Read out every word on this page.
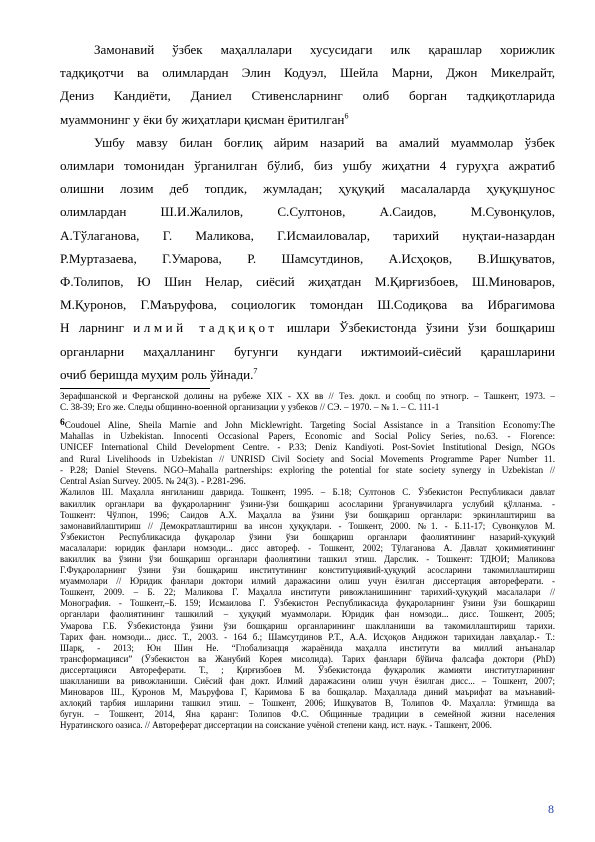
Замонавий ўзбек маҳаллалари хусусидаги илк қарашлар хорижлик
тадқиқотчи ва олимлардан Элин Кодуэл, Шейла Марни, Джон Микелрайт,
Дениз Кандиёти, Даниел Стивенсларнинг олиб борган тадқиқотларида
муаммонинг у ёки бу жиҳатлари қисман ёритилган$^6$

Ушбу мавзу билан боғлиқ айрим назарий ва амалий муаммолар ўзбек
олимлари томонидан ўрганилган бўлиб, биз ушбу жиҳатни 4 гуруҳга ажратиб
олишни лозим деб топдик, жумладан; ҳуқуқий масалаларда ҳуқуқшунос
олимлардан Ш.И.Жалилов, С.Султонов, А.Саидов, М.Сувонқулов,
А.Тўлаганова, Г. Маликова, Г.Исмаиловалар, тарихий нуқтаи-назардан
Р.Муртазаева, Г.Умарова, Р. Шамсутдинов, А.Исҳоқов, В.Ишқуватов,
Ф.Толипов, Ю Шин Нелар, сиёсий жиҳатдан М.Қирғизбоев, Ш.Миноваров,
М.Қуронов, Г.Маъруфова, социологик томондан Ш.Содиқова ва Ибрагимова
Н ларнинг илмий тадқиқот ишлари Ўзбекистонда ўзини ўзи бошқариш
органларни маҳалланинг бугунги кундаги ижтимоий-сиёсий қарашларини
очиб беришда муҳим роль ўйнади.$^7$

Зерафшанской и Ферганской долины на рубеже XIX - XX вв // Тез. докл. и сообщ по этногр. – Ташкент, 1973. –
С. 38-39; Его же. Следы общинно-военной организации у узбеков // СЭ. – 1970. – № 1. – С. 111-1

6Coudouel Aline, Sheila Marnie and John Micklewright. Targeting Social Assistance in a Transition Economy:The
Mahallas in Uzbekistan. Innocenti Occasional Papers, Economic and Social Policy Series, no.63. - Florence:
UNICEF International Child Development Centre. - P.33; Deniz Kandiyoti. Post-Soviet Institutional Design, NGOs
and Rural Livelihoods in Uzbekistan // UNRISD Civil Society and Social Movements Programme Paper Number 11.
- P.28; Daniel Stevens. NGO–Mahalla partnerships: exploring the potential for state society synergy in Uzbekistan //
Central Asian Survey. 2005. № 24(3). - P.281-296.

Жалилов Ш. Маҳалла янгиланиш даврида. Тошкент, 1995. – Б.18; Султонов С. Ўзбекистон Республикаси давлат
вакиллик органлари ва фуқароларнинг ўзини-ўзи бошқариш асосларини ўрганувчиларга услубий қўлланма. -
Тошкент: Чўлпон, 1996; Саидов А.Х. Маҳалла ва ўзини ўзи бошқариш органлари: эркинлаштириш ва
замонавийлаштириш // Демократлаштириш ва инсон ҳуқуқлари. - Тошкент, 2000. №1. - Б.11-17; Сувонқулов М.
Ўзбекистон Республикасида фуқаролар ўзини ўзи бошқариш органлари фаолиятининг назарий-ҳуқуқий
масалалари: юридик фанлари номзоди... дисс автореф. - Тошкент, 2002; Тўлаганова А. Давлат ҳокимиятининг
вакиллик ва ўзини ўзи бошқариш органлари фаолиятини ташкил этиш. Дарслик. - Тошкент: ТДЮИ; Маликова
Г.Фуқароларнинг ўзини ўзи бошқариш институтининг конституциявий-ҳуқуқий асосларини такомиллаштириш
муаммолари // Юридик фанлари доктори илмий даражасини олиш учун ёзилган диссертация автореферати. -
Тошкент, 2009. – Б. 22; Маликова Г. Маҳалла институти ривожланишининг тарихий-ҳуқуқий масалалари //
Монография. - Тошкент,–Б. 159; Исмаилова Г. Ўзбекистон Республикасида фуқароларнинг ўзини ўзи бошқариш
органлари фаолиятининг ташкилий – ҳуқуқий муаммолари. Юридик фан номзоди... дисс. Тошкент, 2005;
Умарова Г.Б. Ўзбекистонда ўзини ўзи бошқариш органларининг шаклланиши ва такомиллаштириш тарихи.
Тарих фан. номзоди... дисс. Т., 2003. - 164 б.; Шамсутдинов Р.Т., А.А. Исҳоқов Андижон тарихидан лавҳалар.- Т.:
Шарқ, - 2013; Юн Шин Не. “Глобализацця жараёнида маҳалла институти ва миллий анъаналар
трансформацияси” (Ўзбекистон ва Жанубий Корея мисолида). Тарих фанлари бўйича фалсафа доктори (PhD)
диссертацияси Автореферати. Т., ; Қирғизбоев М. Ўзбекистонда фуқаролик жамияти институтларининг
шаклланиши ва ривожланиши. Сиёсий фан докт. Илмий даражасини олиш учун ёзилган дисс... – Тошкент, 2007;
Миноваров Ш., Қуронов М, Маъруфова Г, Каримова Б ва бошқалар. Маҳаллада диний маърифат ва маънавий-
ахлоқий тарбия ишларини ташкил этиш. – Тошкент, 2006; Ишқуватов В, Толипов Ф. Маҳалла: ўтмишда ва
бугун. – Тошкент, 2014, Яна қаранг: Толипов Ф.С. Общинные традиции в семейной жизни населения
Нуратинского оазиса. // Автореферат диссертации на соискание учёной степени канд. ист. наук. - Ташкент, 2006.

8
